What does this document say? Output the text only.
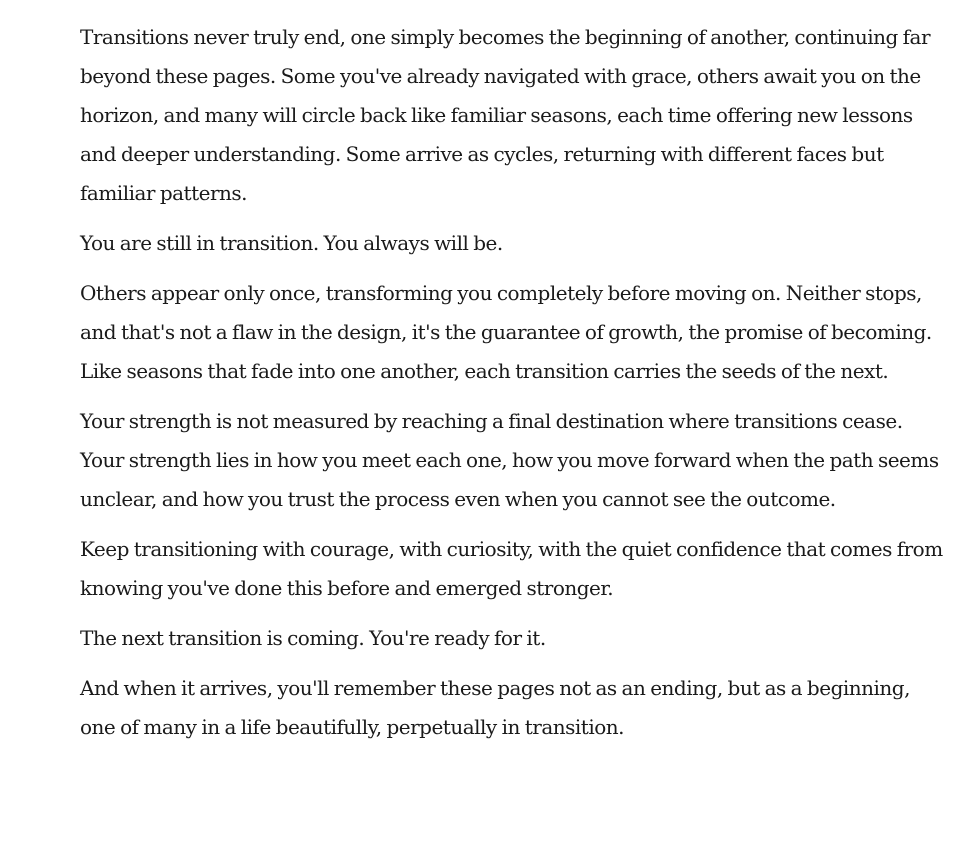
Transitions never truly end, one simply becomes the beginning of another, continuing far beyond these pages. Some you've already navigated with grace, others await you on the horizon, and many will circle back like familiar seasons, each time offering new lessons and deeper understanding. Some arrive as cycles, returning with different faces but familiar patterns.

You are still in transition. You always will be.

Others appear only once, transforming you completely before moving on. Neither stops, and that's not a flaw in the design, it's the guarantee of growth, the promise of becoming. Like seasons that fade into one another, each transition carries the seeds of the next.

Your strength is not measured by reaching a final destination where transitions cease. Your strength lies in how you meet each one, how you move forward when the path seems unclear, and how you trust the process even when you cannot see the outcome.

Keep transitioning with courage, with curiosity, with the quiet confidence that comes from knowing you've done this before and emerged stronger.

The next transition is coming. You're ready for it.

And when it arrives, you'll remember these pages not as an ending, but as a beginning, one of many in a life beautifully, perpetually in transition.
